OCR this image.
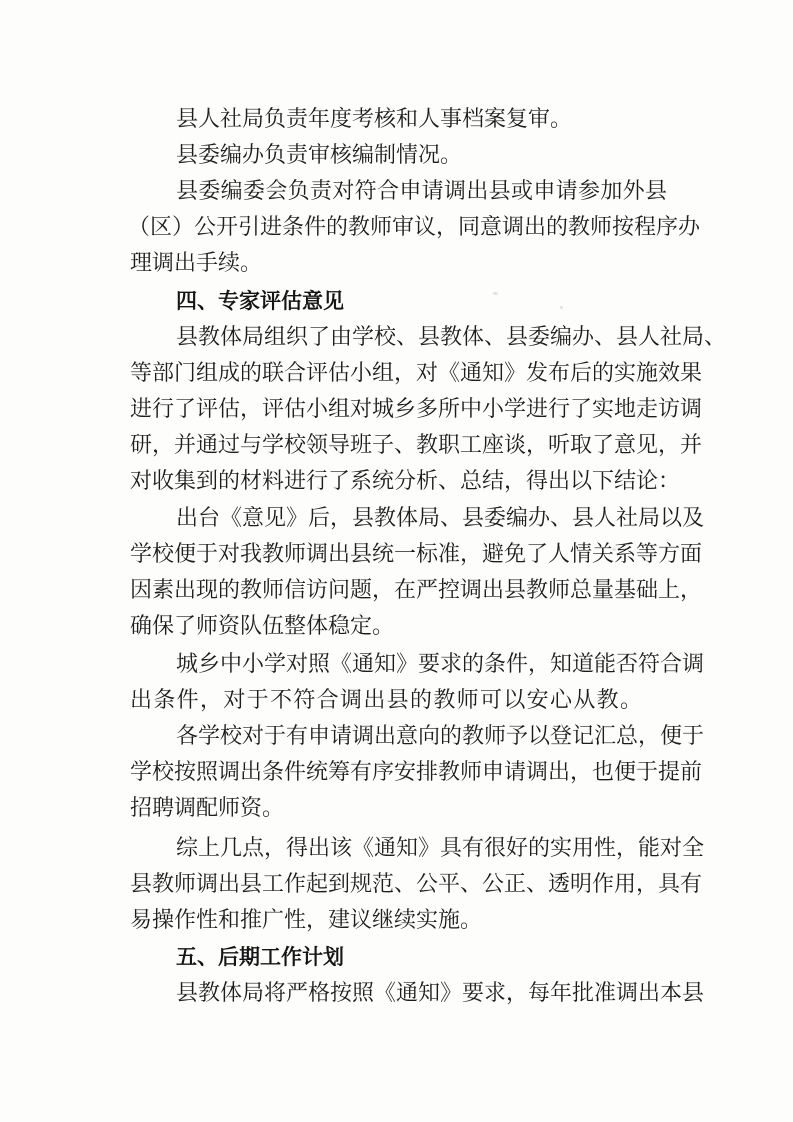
县人社局负责年度考核和人事档案复审。
县委编办负责审核编制情况。
县委编委会负责对符合申请调出县或申请参加外县
（区）公开引进条件的教师审议，同意调出的教师按程序办
理调出手续。
四、专家评估意见
县教体局组织了由学校、县教体、县委编办、县人社局、
等部门组成的联合评估小组，对《通知》发布后的实施效果
进行了评估，评估小组对城乡多所中小学进行了实地走访调
研，并通过与学校领导班子、教职工座谈，听取了意见，并
对收集到的材料进行了系统分析、总结，得出以下结论：
出台《意见》后，县教体局、县委编办、县人社局以及
学校便于对我教师调出县统一标准，避免了人情关系等方面
因素出现的教师信访问题，在严控调出县教师总量基础上，
确保了师资队伍整体稳定。
城乡中小学对照《通知》要求的条件，知道能否符合调
出条件，对于不符合调出县的教师可以安心从教。
各学校对于有申请调出意向的教师予以登记汇总，便于
学校按照调出条件统筹有序安排教师申请调出，也便于提前
招聘调配师资。
综上几点，得出该《通知》具有很好的实用性，能对全
县教师调出县工作起到规范、公平、公正、透明作用，具有
易操作性和推广性，建议继续实施。
五、后期工作计划
县教体局将严格按照《通知》要求，每年批准调出本县
